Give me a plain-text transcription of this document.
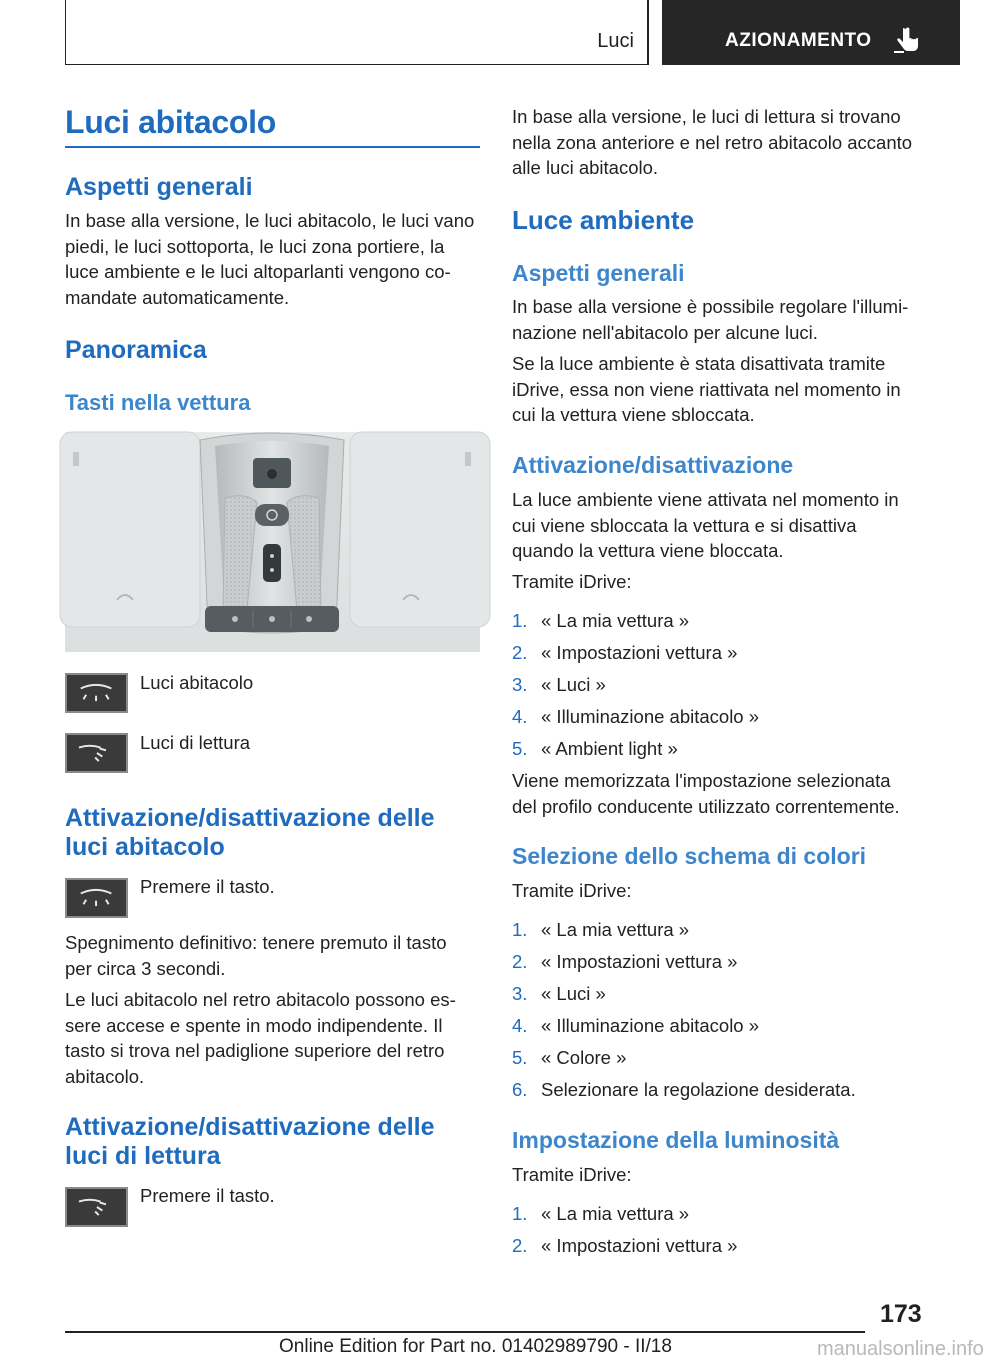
Luci	AZIONAMENTO
Luci abitacolo
Aspetti generali
In base alla versione, le luci abitacolo, le luci vano
piedi, le luci sottoporta, le luci zona portiere, la
luce ambiente e le luci altoparlanti vengono co-
mandate automaticamente.
Panoramica
Tasti nella vettura
Luci abitacolo
Luci di lettura
Attivazione/disattivazione delle
luci abitacolo
Premere il tasto.
Spegnimento definitivo: tenere premuto il tasto
per circa 3 secondi.
Le luci abitacolo nel retro abitacolo possono es-
sere accese e spente in modo indipendente. Il
tasto si trova nel padiglione superiore del retro
abitacolo.
Attivazione/disattivazione delle
luci di lettura
Premere il tasto.
In base alla versione, le luci di lettura si trovano
nella zona anteriore e nel retro abitacolo accanto
alle luci abitacolo.
Luce ambiente
Aspetti generali
In base alla versione è possibile regolare l'illumi-
nazione nell'abitacolo per alcune luci.
Se la luce ambiente è stata disattivata tramite
iDrive, essa non viene riattivata nel momento in
cui la vettura viene sbloccata.
Attivazione/disattivazione
La luce ambiente viene attivata nel momento in
cui viene sbloccata la vettura e si disattiva
quando la vettura viene bloccata.
Tramite iDrive:
1. « La mia vettura »
2. « Impostazioni vettura »
3. « Luci »
4. « Illuminazione abitacolo »
5. « Ambient light »
Viene memorizzata l'impostazione selezionata
del profilo conducente utilizzato correntemente.
Selezione dello schema di colori
Tramite iDrive:
1. « La mia vettura »
2. « Impostazioni vettura »
3. « Luci »
4. « Illuminazione abitacolo »
5. « Colore »
6. Selezionare la regolazione desiderata.
Impostazione della luminosità
Tramite iDrive:
1. « La mia vettura »
2. « Impostazioni vettura »
173
Online Edition for Part no. 01402989790 - II/18	manualsonline.info
